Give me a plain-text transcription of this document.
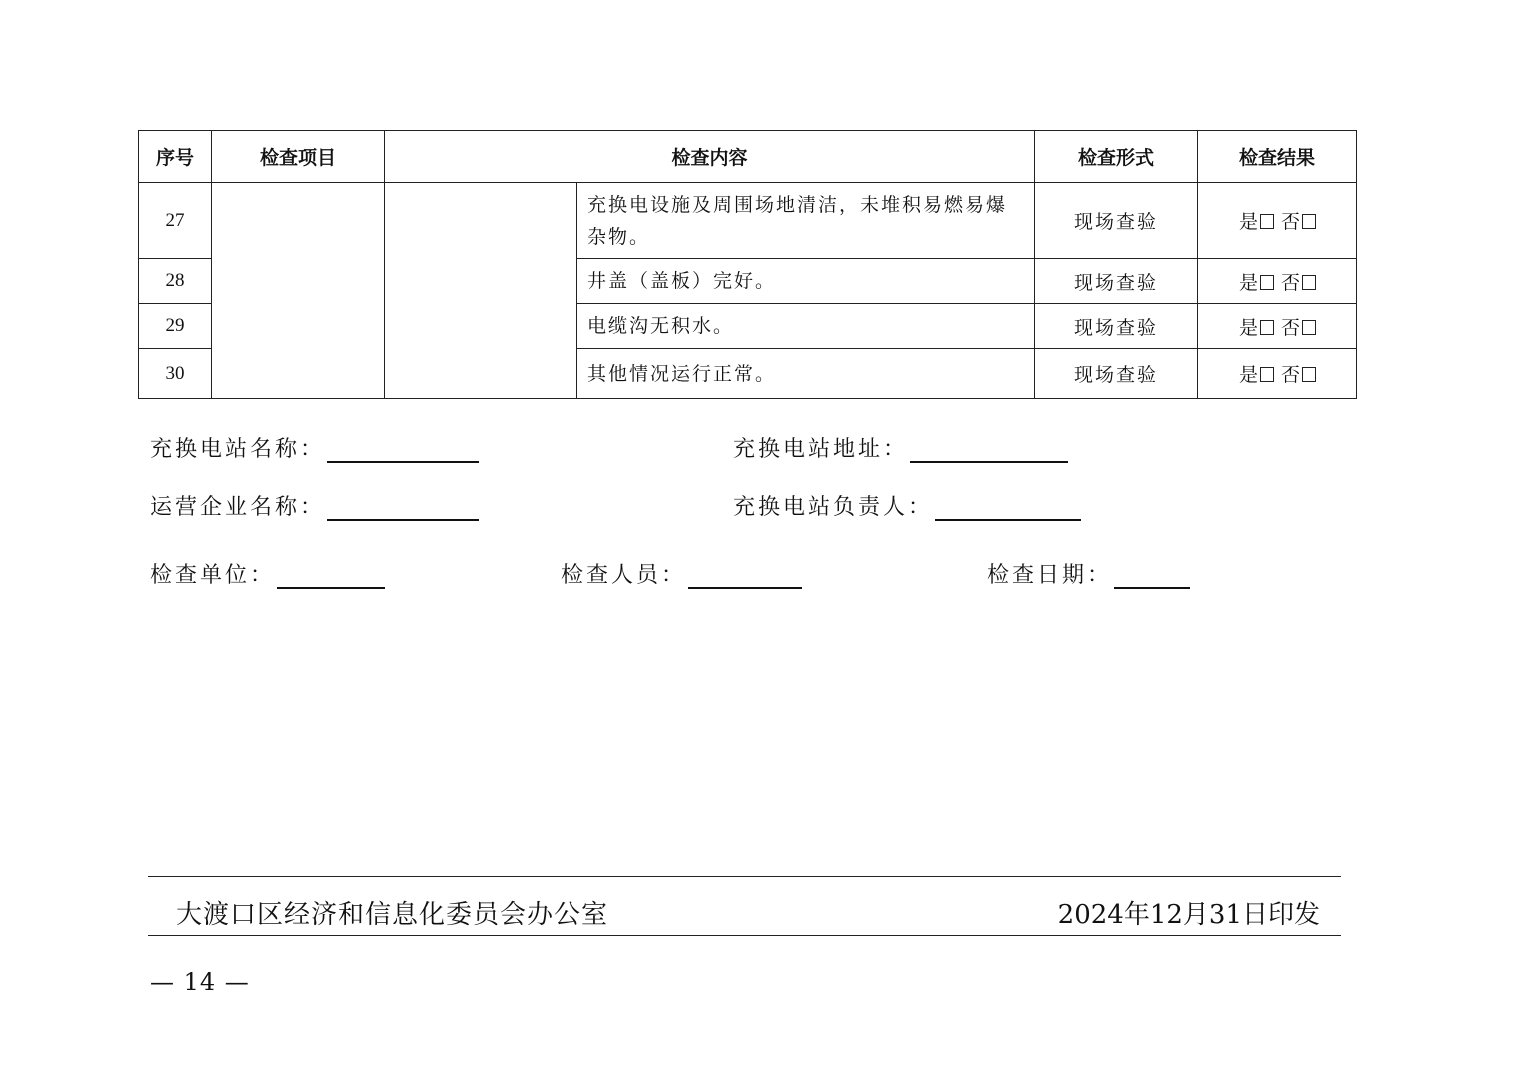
序号	检查项目	检查内容		检查形式	检查结果
27			充换电设施及周围场地清洁，未堆积易燃易爆杂物。	现场查验	是 否
28			井盖（盖板）完好。	现场查验	是 否
29			电缆沟无积水。	现场查验	是 否
30			其他情况运行正常。	现场查验	是 否
充换电站名称：	充换电站地址：
运营企业名称：	充换电站负责人：
检查单位：	检查人员：	检查日期：
大渡口区经济和信息化委员会办公室	2024年12月31日印发
— 14 —
